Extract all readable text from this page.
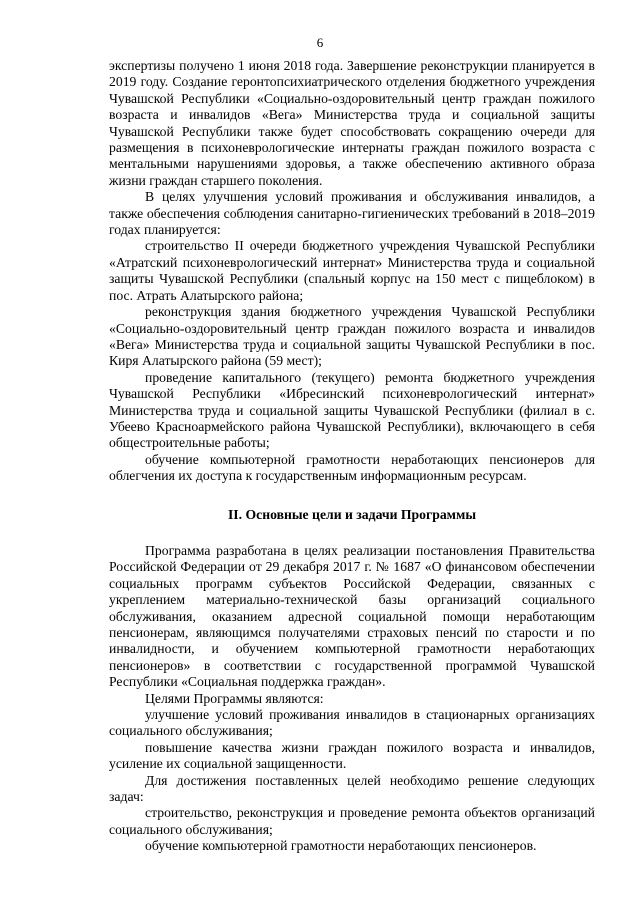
6

экспертизы получено 1 июня 2018 года. Завершение реконструкции планируется в 2019 году. Создание геронтопсихиатрического отделения бюджетного учреждения Чувашской Республики «Социально-оздоровительный центр граждан пожилого возраста и инвалидов «Вега» Министерства труда и социальной защиты Чувашской Республики также будет способствовать сокращению очереди для размещения в психоневрологические интернаты граждан пожилого возраста с ментальными нарушениями здоровья, а также обеспечению активного образа жизни граждан старшего поколения.

В целях улучшения условий проживания и обслуживания инвалидов, а также обеспечения соблюдения санитарно-гигиенических требований в 2018–2019 годах планируется:

строительство II очереди бюджетного учреждения Чувашской Республики «Атратский психоневрологический интернат» Министерства труда и социальной защиты Чувашской Республики (спальный корпус на 150 мест с пищеблоком) в пос. Атрать Алатырского района;

реконструкция здания бюджетного учреждения Чувашской Республики «Социально-оздоровительный центр граждан пожилого возраста и инвалидов «Вега» Министерства труда и социальной защиты Чувашской Республики в пос. Киря Алатырского района (59 мест);

проведение капитального (текущего) ремонта бюджетного учреждения Чувашской Республики «Ибресинский психоневрологический интернат» Министерства труда и социальной защиты Чувашской Республики (филиал в с. Убеево Красноармейского района Чувашской Республики), включающего в себя общестроительные работы;

обучение компьютерной грамотности неработающих пенсионеров для облегчения их доступа к государственным информационным ресурсам.

II. Основные цели и задачи Программы

Программа разработана в целях реализации постановления Правительства Российской Федерации от 29 декабря 2017 г. № 1687 «О финансовом обеспечении социальных программ субъектов Российской Федерации, связанных с укреплением материально-технической базы организаций социального обслуживания, оказанием адресной социальной помощи неработающим пенсионерам, являющимся получателями страховых пенсий по старости и по инвалидности, и обучением компьютерной грамотности неработающих пенсионеров» в соответствии с государственной программой Чувашской Республики «Социальная поддержка граждан».

Целями Программы являются:

улучшение условий проживания инвалидов в стационарных организациях социального обслуживания;

повышение качества жизни граждан пожилого возраста и инвалидов, усиление их социальной защищенности.

Для достижения поставленных целей необходимо решение следующих задач:

строительство, реконструкция и проведение ремонта объектов организаций социального обслуживания;

обучение компьютерной грамотности неработающих пенсионеров.
